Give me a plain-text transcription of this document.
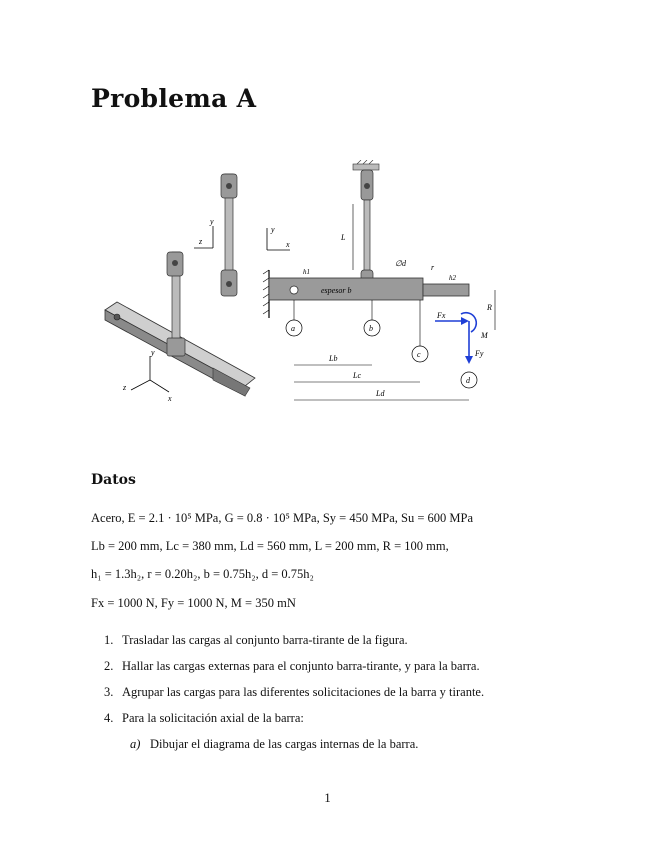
Problema A
z
y
y
z
x
y
x
espesor b
L
∅d	r
h1
h2
R
Fx
Fy
M
a	b
c
d
Lb
Lc
Ld
Datos
Acero, E = 2.1 · 10⁵ MPa, G = 0.8 · 10⁵ MPa, Sy = 450 MPa, Su = 600 MPa
Lb = 200 mm, Lc = 380 mm, Ld = 560 mm, L = 200 mm, R = 100 mm,
h₁ = 1.3h₂, r = 0.20h₂, b = 0.75h₂, d = 0.75h₂
Fx = 1000 N, Fy = 1000 N, M = 350 mN
1. Trasladar las cargas al conjunto barra-tirante de la figura.
2. Hallar las cargas externas para el conjunto barra-tirante, y para la barra.
3. Agrupar las cargas para las diferentes solicitaciones de la barra y tirante.
4. Para la solicitación axial de la barra:
a) Dibujar el diagrama de las cargas internas de la barra.
1
